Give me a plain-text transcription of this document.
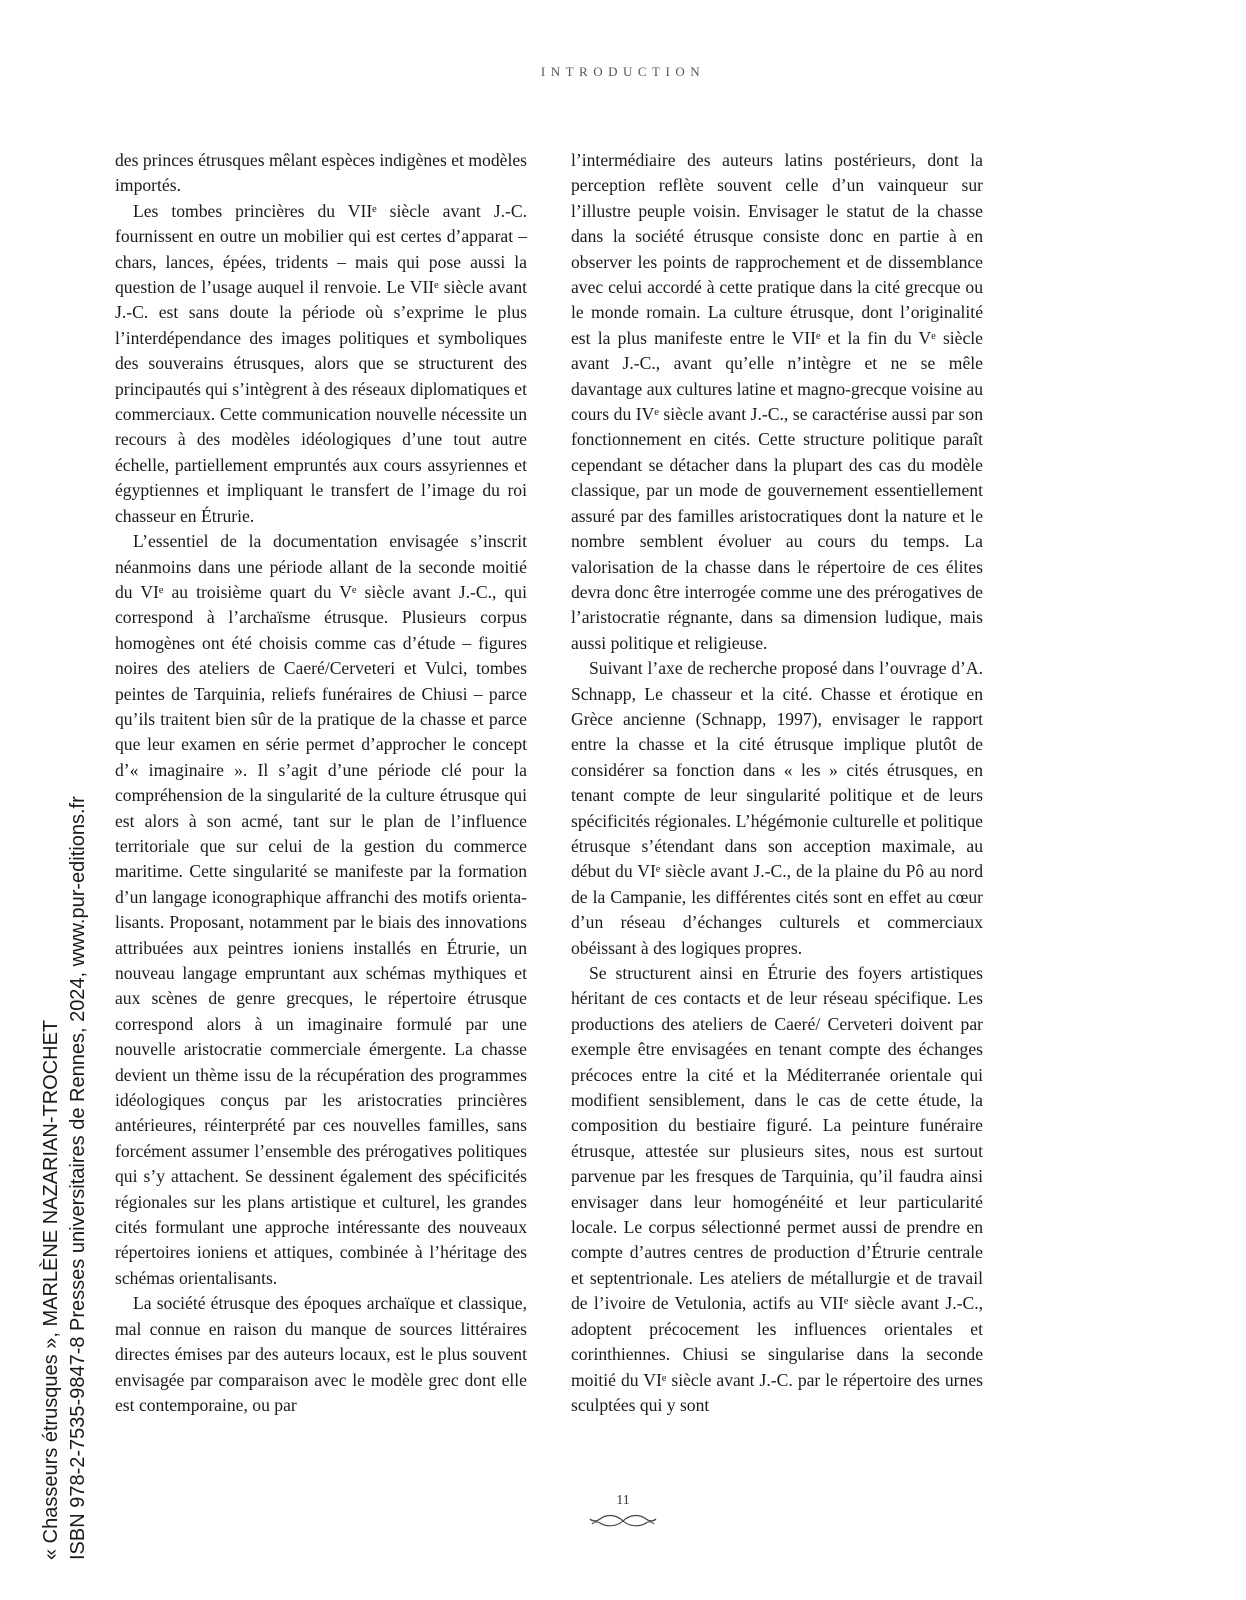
INTRODUCTION

des princes étrusques mêlant espèces indigènes et modèles importés.

Les tombes princières du VIIᵉ siècle avant J.-C. fournissent en outre un mobilier qui est certes d’apparat – chars, lances, épées, tridents – mais qui pose aussi la question de l’usage auquel il renvoie. Le VIIᵉ siècle avant J.-C. est sans doute la période où s’exprime le plus l’interdépendance des images politiques et symboliques des souverains étrusques, alors que se structurent des principautés qui s’intègrent à des réseaux diplomatiques et commerciaux. Cette communication nouvelle nécessite un recours à des modèles idéologiques d’une tout autre échelle, partiellement empruntés aux cours assyriennes et égyptiennes et impliquant le transfert de l’image du roi chasseur en Étrurie.

L’essentiel de la documentation envisagée s’inscrit néanmoins dans une période allant de la seconde moitié du VIᵉ au troisième quart du Vᵉ siècle avant J.-C., qui correspond à l’archaïsme étrusque. Plusieurs corpus homogènes ont été choisis comme cas d’étude – figures noires des ateliers de Caeré/Cerveteri et Vulci, tombes peintes de Tarquinia, reliefs funéraires de Chiusi – parce qu’ils traitent bien sûr de la pratique de la chasse et parce que leur examen en série permet d’approcher le concept d’« imaginaire ». Il s’agit d’une période clé pour la compréhension de la singularité de la culture étrusque qui est alors à son acmé, tant sur le plan de l’influence territoriale que sur celui de la gestion du commerce maritime. Cette singularité se manifeste par la formation d’un langage iconographique affranchi des motifs orientalisants. Proposant, notamment par le biais des innovations attribuées aux peintres ioniens installés en Étrurie, un nouveau langage empruntant aux schémas mythiques et aux scènes de genre grecques, le répertoire étrusque correspond alors à un imaginaire formulé par une nouvelle aristocratie commerciale émergente. La chasse devient un thème issu de la récupération des programmes idéologiques conçus par les aristocraties princières antérieures, réinterprété par ces nouvelles familles, sans forcément assumer l’ensemble des prérogatives politiques qui s’y attachent. Se dessinent également des spécificités régionales sur les plans artistique et culturel, les grandes cités formulant une approche intéressante des nouveaux répertoires ioniens et attiques, combinée à l’héritage des schémas orientalisants.

La société étrusque des époques archaïque et classique, mal connue en raison du manque de sources littéraires directes émises par des auteurs locaux, est le plus souvent envisagée par comparaison avec le modèle grec dont elle est contemporaine, ou par

l’intermédiaire des auteurs latins postérieurs, dont la perception reflète souvent celle d’un vainqueur sur l’illustre peuple voisin. Envisager le statut de la chasse dans la société étrusque consiste donc en partie à en observer les points de rapprochement et de dissemblance avec celui accordé à cette pratique dans la cité grecque ou le monde romain. La culture étrusque, dont l’originalité est la plus manifeste entre le VIIᵉ et la fin du Vᵉ siècle avant J.-C., avant qu’elle n’intègre et ne se mêle davantage aux cultures latine et magno-grecque voisine au cours du IVᵉ siècle avant J.-C., se caractérise aussi par son fonctionnement en cités. Cette structure politique paraît cependant se détacher dans la plupart des cas du modèle classique, par un mode de gouvernement essentiellement assuré par des familles aristocratiques dont la nature et le nombre semblent évoluer au cours du temps. La valorisation de la chasse dans le répertoire de ces élites devra donc être interrogée comme une des prérogatives de l’aristocratie régnante, dans sa dimension ludique, mais aussi politique et religieuse.

Suivant l’axe de recherche proposé dans l’ouvrage d’A. Schnapp, Le chasseur et la cité. Chasse et érotique en Grèce ancienne (Schnapp, 1997), envisager le rapport entre la chasse et la cité étrusque implique plutôt de considérer sa fonction dans « les » cités étrusques, en tenant compte de leur singularité politique et de leurs spécificités régionales. L’hégémonie culturelle et politique étrusque s’étendant dans son acception maximale, au début du VIᵉ siècle avant J.-C., de la plaine du Pô au nord de la Campanie, les différentes cités sont en effet au cœur d’un réseau d’échanges culturels et commerciaux obéissant à des logiques propres.

Se structurent ainsi en Étrurie des foyers artistiques héritant de ces contacts et de leur réseau spécifique. Les productions des ateliers de Caeré/ Cerveteri doivent par exemple être envisagées en tenant compte des échanges précoces entre la cité et la Méditerranée orientale qui modifient sensiblement, dans le cas de cette étude, la composition du bestiaire figuré. La peinture funéraire étrusque, attestée sur plusieurs sites, nous est surtout parvenue par les fresques de Tarquinia, qu’il faudra ainsi envisager dans leur homogénéité et leur particularité locale. Le corpus sélectionné permet aussi de prendre en compte d’autres centres de production d’Étrurie centrale et septentrionale. Les ateliers de métallurgie et de travail de l’ivoire de Vetulonia, actifs au VIIᵉ siècle avant J.-C., adoptent précocement les influences orientales et corinthiennes. Chiusi se singularise dans la seconde moitié du VIᵉ siècle avant J.-C. par le répertoire des urnes sculptées qui y sont

« Chasseurs étrusques », MARLÈNE NAZARIAN-TROCHET ISBN 978-2-7535-9847-8 Presses universitaires de Rennes, 2024, www.pur-editions.fr	11
